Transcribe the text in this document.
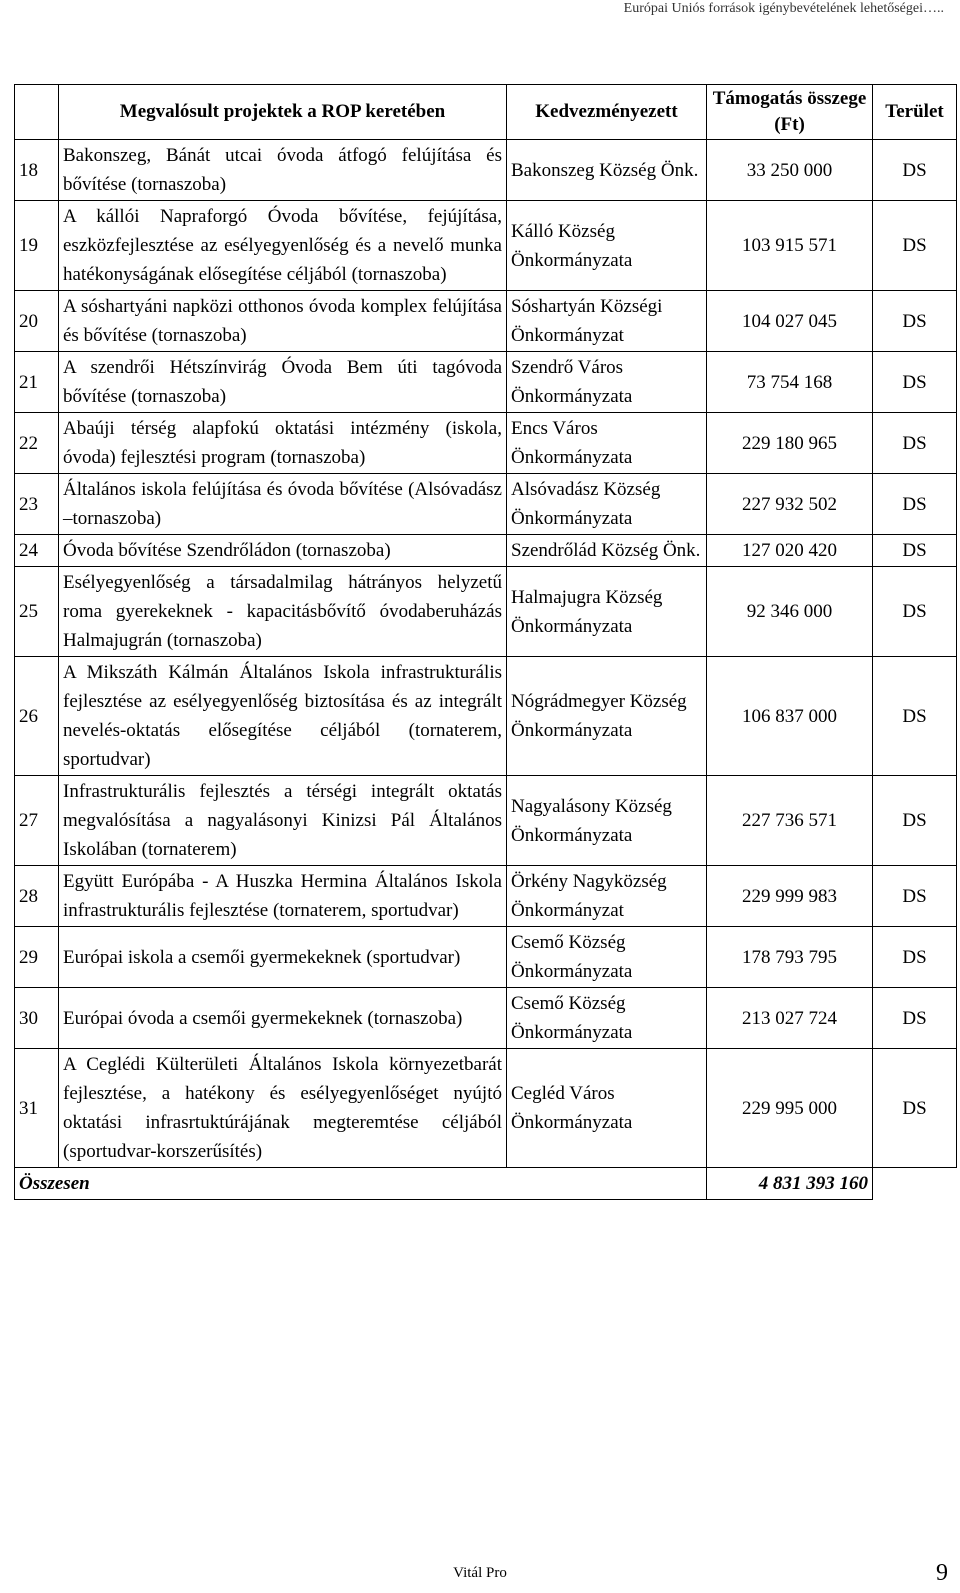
Európai Uniós források igénybevételének lehetőségei…..
	Megvalósult projektek a ROP keretében	Kedvezményezett	Támogatás összege (Ft)	Terület
18	Bakonszeg, Bánát utcai óvoda átfogó felújítása és bővítése (tornaszoba)	Bakonszeg Község Önk.	33 250 000	DS
19	A kállói Napraforgó Óvoda bővítése, fejújítása, eszközfejlesztése az esélyegyenlőség és a nevelő munka hatékonyságának elősegítése céljából (tornaszoba)	Kálló Község Önkormányzata	103 915 571	DS
20	A sóshartyáni napközi otthonos óvoda komplex felújítása és bővítése (tornaszoba)	Sóshartyán Községi Önkormányzat	104 027 045	DS
21	A szendrői Hétszínvirág Óvoda Bem úti tagóvoda bővítése (tornaszoba)	Szendrő Város Önkormányzata	73 754 168	DS
22	Abaúji térség alapfokú oktatási intézmény (iskola, óvoda) fejlesztési program (tornaszoba)	Encs Város Önkormányzata	229 180 965	DS
23	Általános iskola felújítása és óvoda bővítése (Alsóvadász –tornaszoba)	Alsóvadász Község Önkormányzata	227 932 502	DS
24	Óvoda bővítése Szendrőládon (tornaszoba)	Szendrőlád Község Önk.	127 020 420	DS
25	Esélyegyenlőség a társadalmilag hátrányos helyzetű roma gyerekeknek - kapacitásbővítő óvodaberuházás Halmajugrán (tornaszoba)	Halmajugra Község Önkormányzata	92 346 000	DS
26	A Mikszáth Kálmán Általános Iskola infrastrukturális fejlesztése az esélyegyenlőség biztosítása és az integrált nevelés-oktatás elősegítése céljából (tornaterem, sportudvar)	Nógrádmegyer Község Önkormányzata	106 837 000	DS
27	Infrastrukturális fejlesztés a térségi integrált oktatás megvalósítása a nagyalásonyi Kinizsi Pál Általános Iskolában (tornaterem)	Nagyalásony Község Önkormányzata	227 736 571	DS
28	Együtt Európába - A Huszka Hermina Általános Iskola infrastrukturális fejlesztése (tornaterem, sportudvar)	Örkény Nagyközség Önkormányzat	229 999 983	DS
29	Európai iskola a csemői gyermekeknek (sportudvar)	Csemő Község Önkormányzata	178 793 795	DS
30	Európai óvoda a csemői gyermekeknek (tornaszoba)	Csemő Község Önkormányzata	213 027 724	DS
31	A Ceglédi Külterületi Általános Iskola környezetbarát fejlesztése, a hatékony és esélyegyenlőséget nyújtó oktatási infrasrtuktúrájának megteremtése céljából (sportudvar-korszerűsítés)	Cegléd Város Önkormányzata	229 995 000	DS
Összesen			4 831 393 160	
Vitál Pro	9
